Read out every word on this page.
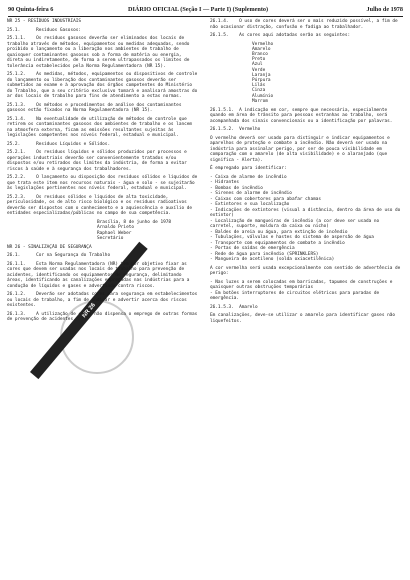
90 Quinta-feira 6	DIÁRIO OFICIAL (Seção I — Parte I) (Suplemento)	Julho de 1978
NR 26

NR 25 - RESÍDUOS INDUSTRIAIS

25.1.      Resíduos Gasosos:

25.1.1.    Os resíduos gasosos deverão ser eliminados dos locais de trabalho através de métodos, equipamentos ou medidas adequadas, sendo proibido o lançamento ou a liberação nos ambientes de trabalho de quaisquer contaminantes gasosos sob a forma de matéria ou energia, direta ou indiretamente, de forma a serem ultrapassados os limites de tolerância estabelecidos pela Norma Regulamentadora (NR 15).

25.1.2.    As medidas, métodos, equipamentos ou dispositivos de controle do lançamento ou liberação dos contaminantes gasosos deverão ser submetidos ao exame e à aprovação dos órgãos competentes do Ministério do Trabalho, que a seu critério exclusivo tomará e analisará amostras do ar dos locais de trabalho para fins de atendimento a estas normas.

25.1.3.    Os métodos e procedimentos de análise dos contaminantes gasosos estão fixados na Norma Regulamentadora (NR 15).

25.1.4.    Na eventualidade de utilização de métodos de controle que retirem os contaminantes gasosos dos ambientes de trabalho e os lancem na atmosfera externa, ficam as emissões resultantes sujeitas às legislações competentes nos níveis federal, estadual e municipal.

25.2.      Resíduos Líquidos e Sólidos.

25.2.1.    Os resíduos líquidos e sólidos produzidos por processos e operações industriais deverão ser convenientemente tratados e/ou dispostos e/ou retirados dos limites da indústria, de forma a evitar riscos à saúde e à segurança dos trabalhadores.

25.2.2.    O lançamento ou disposição dos resíduos sólidos e líquidos de que trata este item nos recursos naturais - água e solo - se sujeitarão às legislações pertinentes nos níveis federal, estadual e municipal.

25.2.3.    Os resíduos sólidos e líquidos de alta toxicidade, periculosidade, os de alto risco biológico e os resíduos radioativos deverão ser dispostos com o conhecimento e a aquiescência e auxílio de entidades especializadas/públicas no campo de sua competência.

Brasília, 8 de junho de 1978

Arnaldo Prieto

Raphael Weber

Secretário

NR 26 - SINALIZAÇÃO DE SEGURANÇA

26.1.      Cor na Segurança do Trabalho

26.1.1.    Esta Norma Regulamentadora (NR) tem por objetivo fixar as cores que devem ser usadas nos locais de trabalho para prevenção de acidentes, identificando os equipamentos de segurança, delimitando áreas, identificando as canalizações empregadas nas indústrias para a condução de líquidos e gases e advertindo contra riscos.

26.1.2.    Deverão ser adotadas cores para segurança em estabelecimentos ou locais de trabalho, a fim de indicar e advertir acerca dos riscos existentes.

26.1.3.    A utilização de cores não dispensa o emprego de outras formas de prevenção de acidentes.

26.1.4.    O uso de cores deverá ser o mais reduzido possível, a fim de não ocasionar distração, confusão e fadiga ao trabalhador.

26.1.5.    As cores aqui adotadas serão as seguintes:

Vermelho
Amarelo
Branco
Preto
Azul
Verde
Laranja
Púrpura
Lilás
Cinza
Alumínio
Marrom

26.1.5.1.  A indicação em cor, sempre que necessária, especialmente quando em área de trânsito para pessoas estranhas ao trabalho, será acompanhada dos sinais convencionais ou a identificação por palavras.

26.1.5.2.  Vermelho

O vermelho deverá ser usado para distinguir e indicar equipamentos e aparelhos de proteção e combate a incêndio. Não deverá ser usado na indústria para assinalar perigo, por ser de pouca visibilidade em comparação com o amarelo (de alta visibilidade) e o alaranjado (que significa - Alerta).

É empregado para identificar:

- Caixa de alarme de incêndio
- Hidrantes
- Bombas de incêndio
- Sirenes de alarme de incêndio
- Caixas com cobertores para abafar chamas
- Extintores e sua localização
- Indicações de extintores (visual a distância, dentro da área de uso do extintor)
- Localização de mangueiras de incêndio (a cor deve ser usada no carretel, suporte, moldura da caixa ou nicho)
- Baldes de areia ou água, para extinção de incêndio
- Tubulações, válvulas e hastes do sistema de aspersão de água
- Transporte com equipamentos de combate a incêndio
- Portas de saídas de emergência
- Rede de água para incêndio (SPRINKLERS)
- Mangueira de acetileno (solda oxiacetilênica)

A cor vermelha será usada excepcionalmente com sentido de advertência de perigo:

- Nas luzes a serem colocadas em barricadas, tapumes de construções e quaisquer outras obstruções temporárias
- Em botões interruptores de circuitos elétricos para paradas de emergência.

26.1.5.3.  Amarelo

Em canalizações, deve-se utilizar o amarelo para identificar gases não liquefeitos.
